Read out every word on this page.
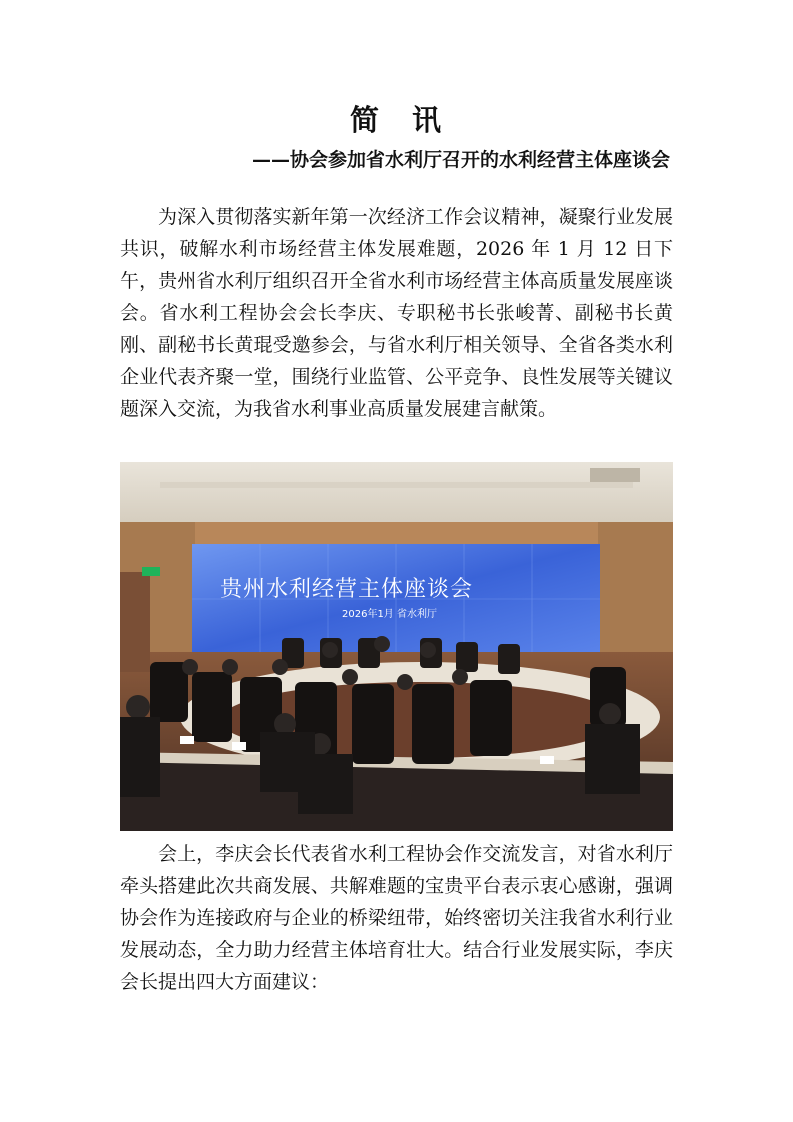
简　讯
——协会参加省水利厅召开的水利经营主体座谈会

为深入贯彻落实新年第一次经济工作会议精神，凝聚行业发展共识，破解水利市场经营主体发展难题，2026 年 1 月 12 日下午，贵州省水利厅组织召开全省水利市场经营主体高质量发展座谈会。省水利工程协会会长李庆、专职秘书长张峻菁、副秘书长黄刚、副秘书长黄琨受邀参会，与省水利厅相关领导、全省各类水利企业代表齐聚一堂，围绕行业监管、公平竞争、良性发展等关键议题深入交流，为我省水利事业高质量发展建言献策。

贵州水利经营主体座谈会
2026年1月 省水利厅

会上，李庆会长代表省水利工程协会作交流发言，对省水利厅牵头搭建此次共商发展、共解难题的宝贵平台表示衷心感谢，强调协会作为连接政府与企业的桥梁纽带，始终密切关注我省水利行业发展动态，全力助力经营主体培育壮大。结合行业发展实际，李庆会长提出四大方面建议：
